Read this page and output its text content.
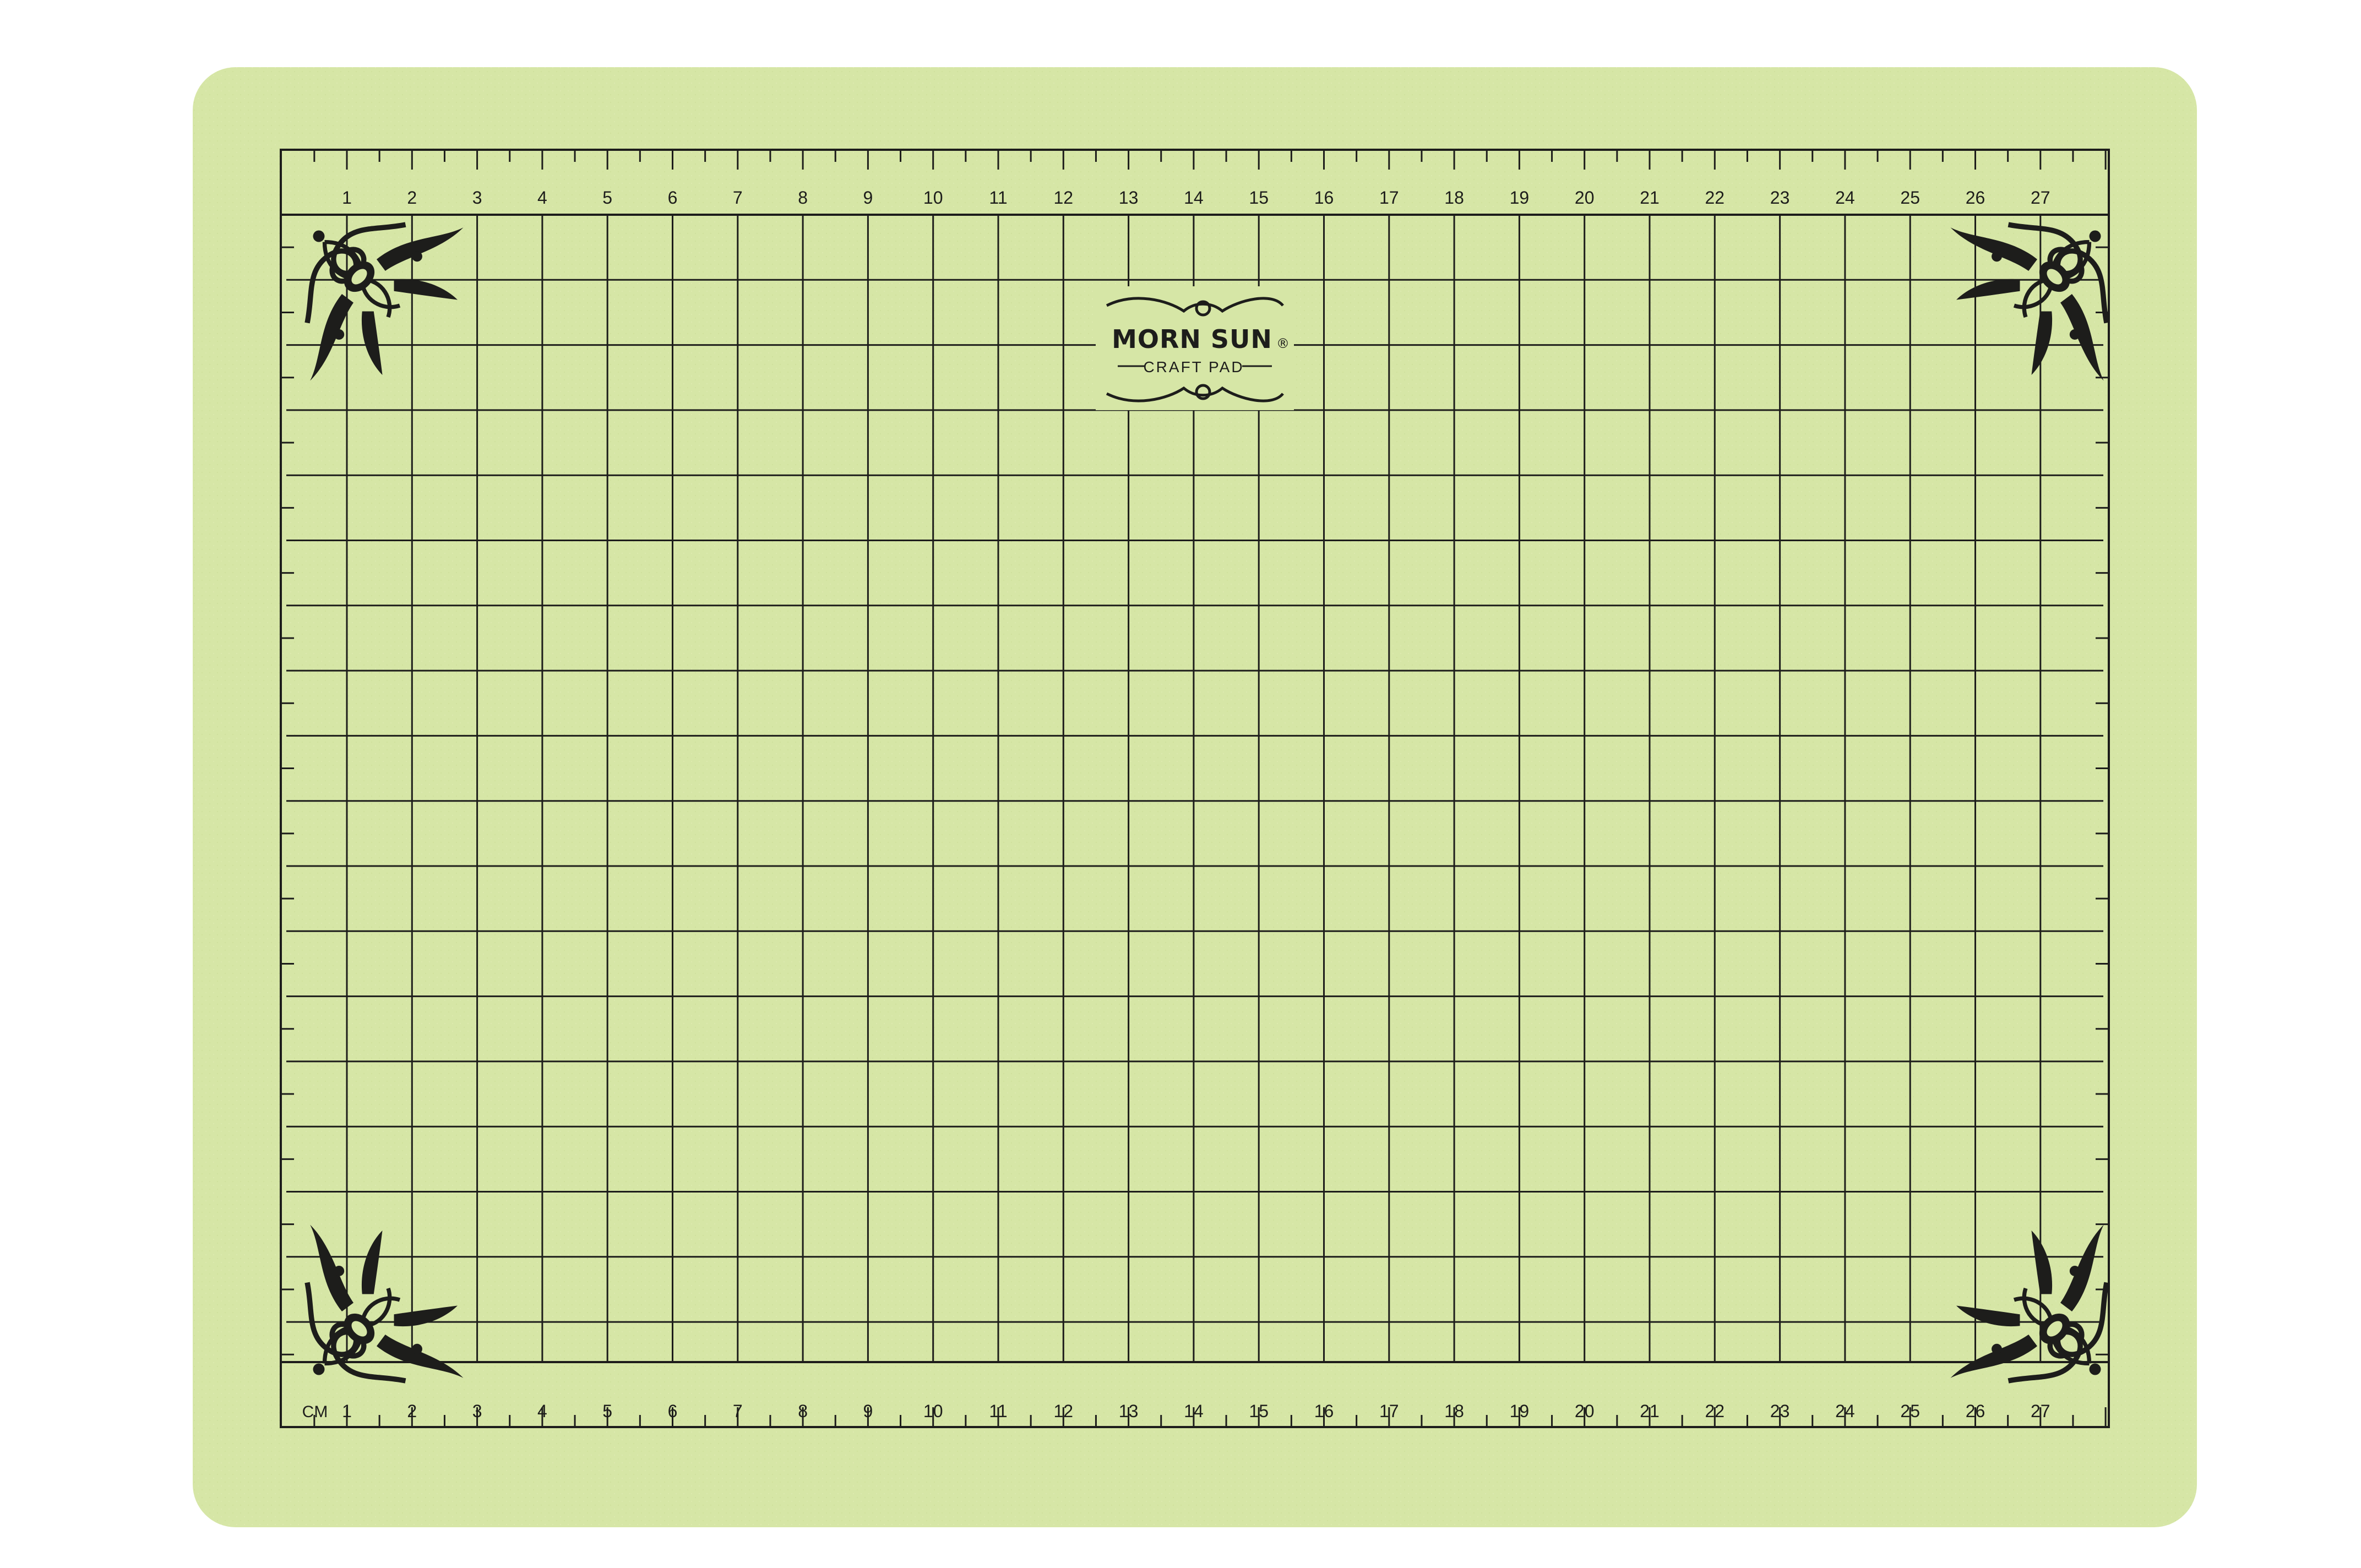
1	2	3	4	5	6	7	8	9	10	11	12	13	14	15	16	17	18	19	20	21	22	23	24	25	26	27
1	2	3	4	5	6	7	8	9	10	11	12	13	14	15	16	17	18	19	20	21	22	23	24	25	26	27
CM
MORN SUN ®
CRAFT PAD
